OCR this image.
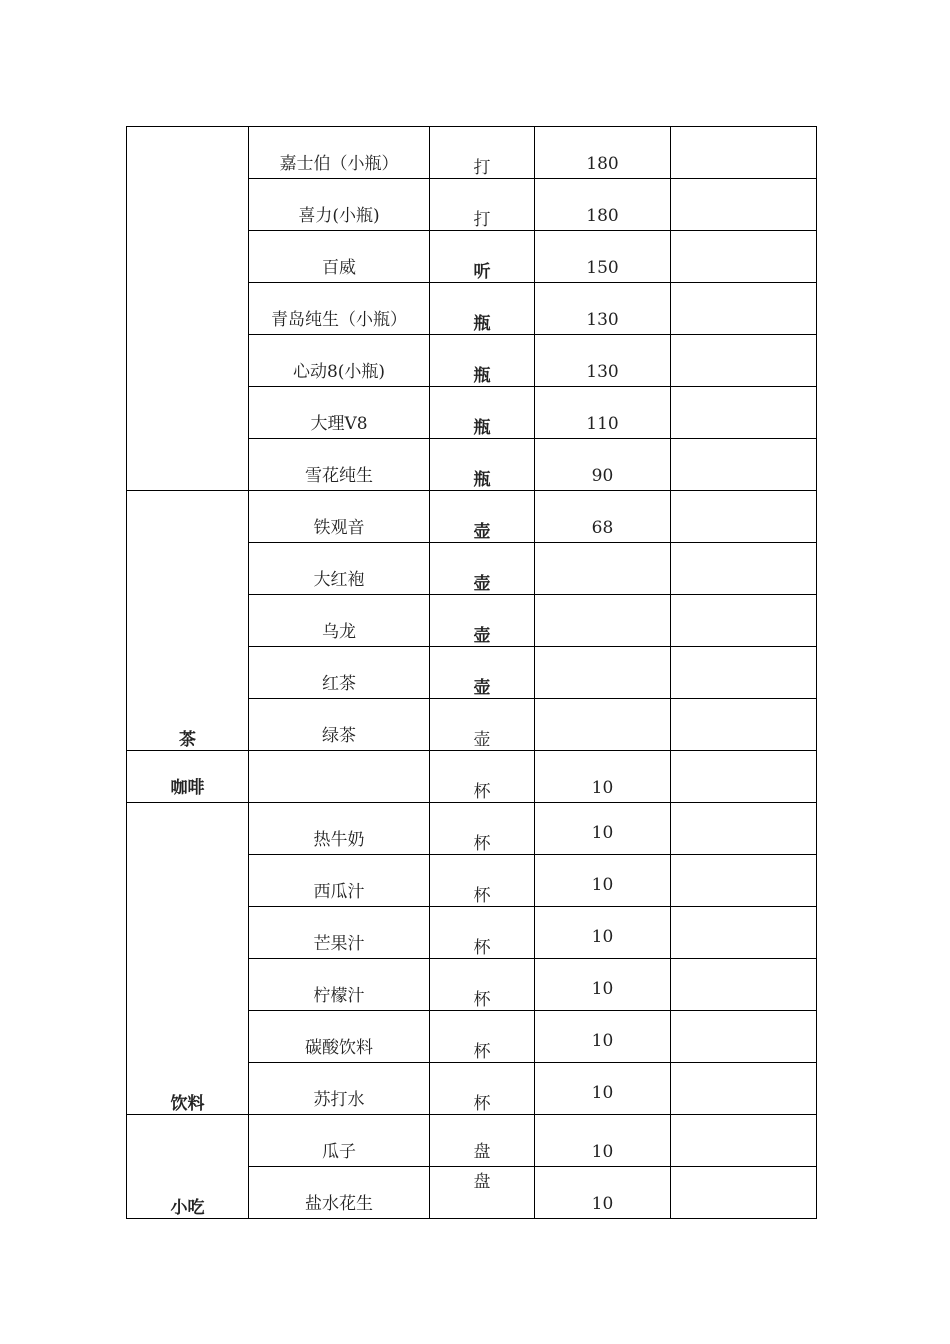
	嘉士伯（小瓶）	打	180	
	喜力(小瓶)	打	180	
	百威	听	150	
	青岛纯生（小瓶）	瓶	130	
	心动8(小瓶)	瓶	130	
	大理V8	瓶	110	
	雪花纯生	瓶	90	
茶	铁观音	壶	68	
	大红袍	壶		
	乌龙	壶		
	红茶	壶		
	绿茶	壶		
咖啡		杯	10	
饮料	热牛奶	杯	10	
	西瓜汁	杯	10	
	芒果汁	杯	10	
	柠檬汁	杯	10	
	碳酸饮料	杯	10	
	苏打水	杯	10	
小吃	瓜子	盘	10	
	盐水花生	盘	10	
